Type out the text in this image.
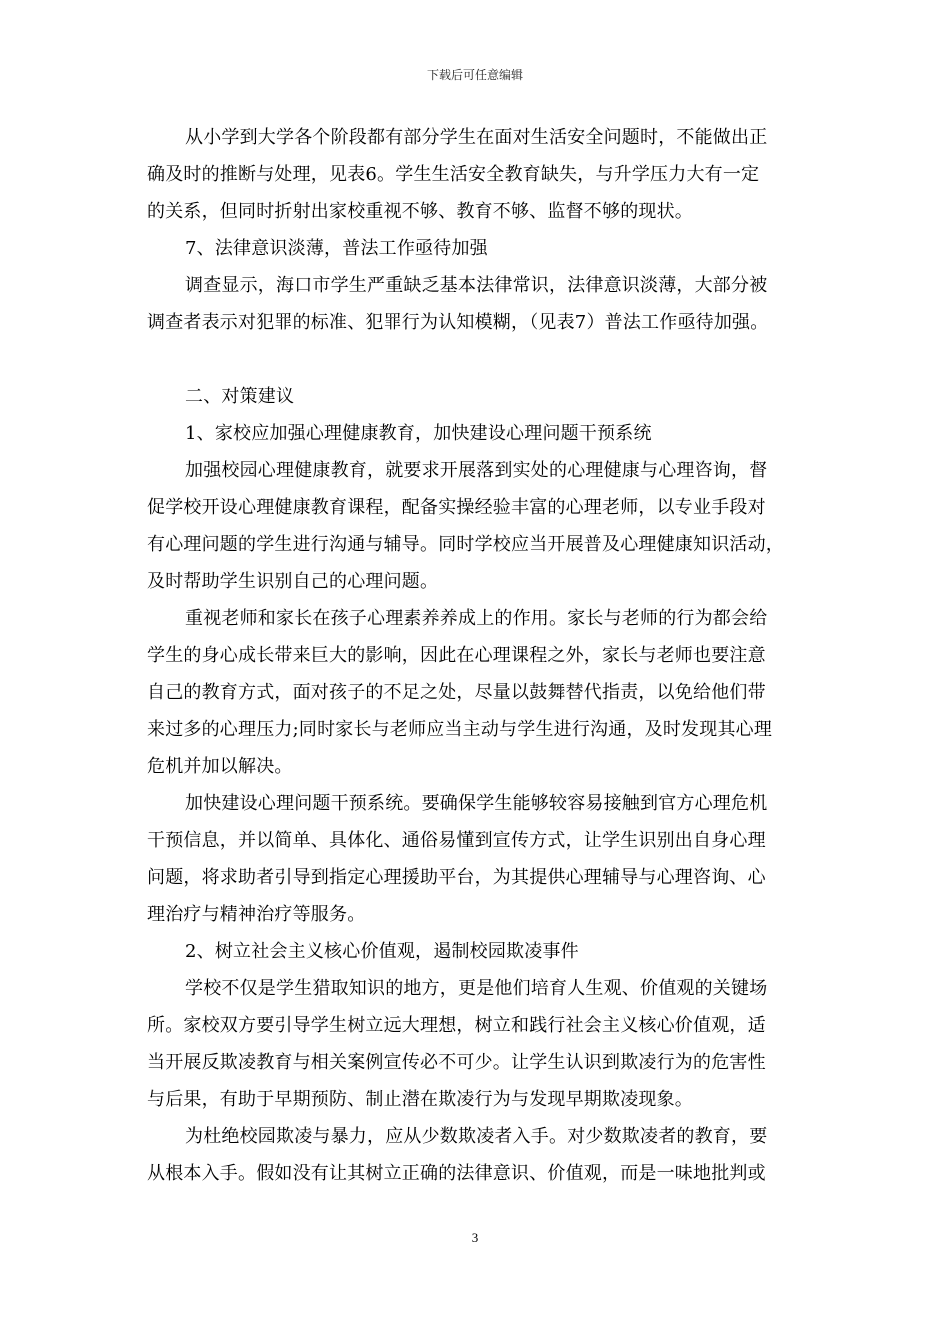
下载后可任意编辑
从小学到大学各个阶段都有部分学生在面对生活安全问题时，不能做出正
确及时的推断与处理，见表6。学生生活安全教育缺失，与升学压力大有一定
的关系，但同时折射出家校重视不够、教育不够、监督不够的现状。

7、法律意识淡薄，普法工作亟待加强

调查显示，海口市学生严重缺乏基本法律常识，法律意识淡薄，大部分被
调查者表示对犯罪的标准、犯罪行为认知模糊，（见表7）普法工作亟待加强。

二、对策建议

1、家校应加强心理健康教育，加快建设心理问题干预系统

加强校园心理健康教育，就要求开展落到实处的心理健康与心理咨询，督
促学校开设心理健康教育课程，配备实操经验丰富的心理老师，以专业手段对
有心理问题的学生进行沟通与辅导。同时学校应当开展普及心理健康知识活动，
及时帮助学生识别自己的心理问题。
重视老师和家长在孩子心理素养养成上的作用。家长与老师的行为都会给
学生的身心成长带来巨大的影响，因此在心理课程之外，家长与老师也要注意
自己的教育方式，面对孩子的不足之处，尽量以鼓舞替代指责，以免给他们带
来过多的心理压力;同时家长与老师应当主动与学生进行沟通，及时发现其心理
危机并加以解决。
加快建设心理问题干预系统。要确保学生能够较容易接触到官方心理危机
干预信息，并以简单、具体化、通俗易懂到宣传方式，让学生识别出自身心理
问题，将求助者引导到指定心理援助平台，为其提供心理辅导与心理咨询、心
理治疗与精神治疗等服务。

2、树立社会主义核心价值观，遏制校园欺凌事件

学校不仅是学生猎取知识的地方，更是他们培育人生观、价值观的关键场
所。家校双方要引导学生树立远大理想，树立和践行社会主义核心价值观，适
当开展反欺凌教育与相关案例宣传必不可少。让学生认识到欺凌行为的危害性
与后果，有助于早期预防、制止潜在欺凌行为与发现早期欺凌现象。
为杜绝校园欺凌与暴力，应从少数欺凌者入手。对少数欺凌者的教育，要
从根本入手。假如没有让其树立正确的法律意识、价值观，而是一味地批判或
3
